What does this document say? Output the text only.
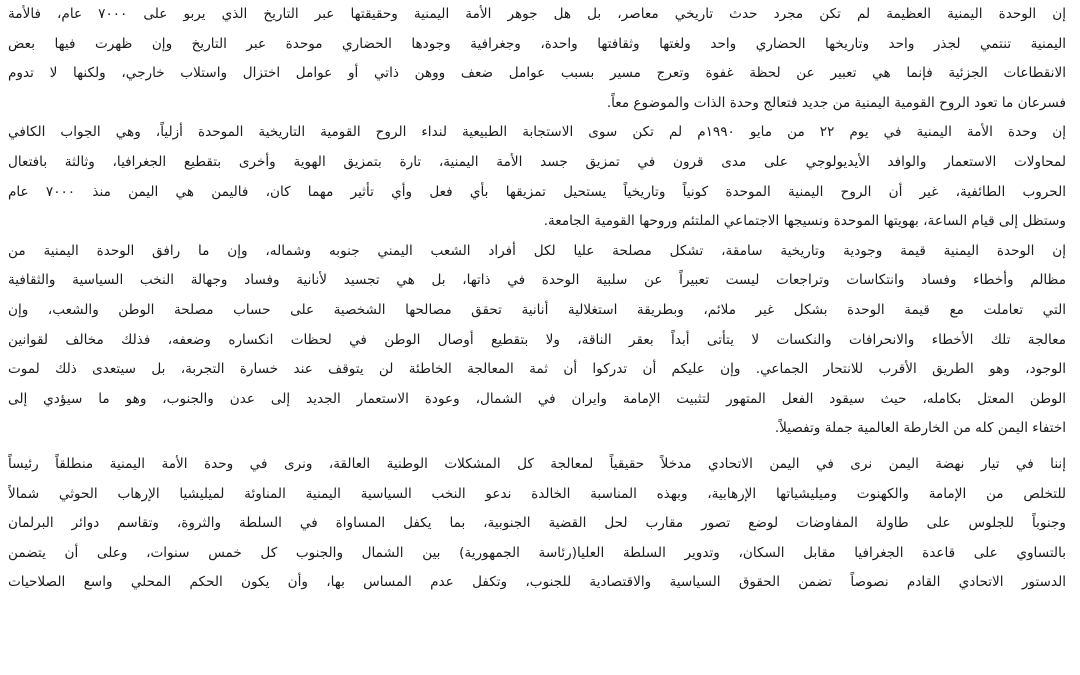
إن الوحدة اليمنية العظيمة لم تكن مجرد حدث تاريخي معاصر، بل هل جوهر الأمة اليمنية وحقيقتها عبر التاريخ الذي يربو على ٧٠٠٠ عام، فالأمة
اليمنية تنتمي لجذر واحد وتاريخها الحضاري واحد ولغتها وثقافتها واحدة، وجغرافية وجودها الحضاري موحدة عبر التاريخ وإن ظهرت فيها بعض
الانقطاعات الجزئية فإنما هي تعبير عن لحظة غفوة وتعرج مسير بسبب عوامل ضعف ووهن ذاتي أو عوامل اختزال واستلاب خارجي، ولكنها لا تدوم
فسرعان ما تعود الروح القومية اليمنية من جديد فتعالج وحدة الذات والموضوع معاً.
إن وحدة الأمة اليمنية في يوم ٢٢ من مايو ١٩٩٠م لم تكن سوى الاستجابة الطبيعية لنداء الروح القومية التاريخية الموحدة أزلياً، وهي الجواب الكافي
لمحاولات الاستعمار والوافد الأيديولوجي على مدى قرون في تمزيق جسد الأمة اليمنية، تارة بتمزيق الهوية وأخرى بتقطيع الجغرافيا، وثالثة بافتعال
الحروب الطائفية، غير أن الروح اليمنية الموحدة كونياً وتاريخياً يستحيل تمزيقها بأي فعل وأي تأثير مهما كان، فاليمن هي اليمن منذ ٧٠٠٠ عام
وستظل إلى قيام الساعة، بهويتها الموحدة ونسيجها الاجتماعي الملتئم وروحها القومية الجامعة.
إن الوحدة اليمنية قيمة وجودية وتاريخية سامقة، تشكل مصلحة عليا لكل أفراد الشعب اليمني جنوبه وشماله، وإن ما رافق الوحدة اليمنية من
مظالم وأخطاء وفساد وانتكاسات وتراجعات ليست تعبيراً عن سلبية الوحدة في ذاتها، بل هي تجسيد لأنانية وفساد وجهالة النخب السياسية والثقافية
التي تعاملت مع قيمة الوحدة بشكل غير ملائم، وبطريقة استغلالية أنانية تحقق مصالحها الشخصية على حساب مصلحة الوطن والشعب، وإن
معالجة تلك الأخطاء والانحرافات والنكسات لا يتأتى أبداً بعقر الناقة، ولا بتقطيع أوصال الوطن في لحظات انكساره وضعفه، فذلك مخالف لقوانين
الوجود، وهو الطريق الأقرب للانتحار الجماعي. وإن عليكم أن تدركوا أن ثمة المعالجة الخاطئة لن يتوقف عند خسارة التجربة، بل سيتعدى ذلك لموت
الوطن المعتل بكامله، حيث سيقود الفعل المتهور لتثبيت الإمامة وايران في الشمال، وعودة الاستعمار الجديد إلى عدن والجنوب، وهو ما سيؤدي إلى
اختفاء اليمن كله من الخارطة العالمية جملة وتفصيلاً.
إننا في تيار نهضة اليمن نرى في اليمن الاتحادي مدخلاً حقيقياً لمعالجة كل المشكلات الوطنية العالقة، ونرى في وحدة الأمة اليمنية منطلقاً رئيساً
للتخلص من الإمامة والكهنوت وميليشياتها الإرهابية، وبهذه المناسبة الخالدة ندعو النخب السياسية اليمنية المناوئة لميليشيا الإرهاب الحوثي شمالاً
وجنوباً للجلوس على طاولة المفاوضات لوضع تصور مقارب لحل القضية الجنوبية، بما يكفل المساواة في السلطة والثروة، وتقاسم دوائر البرلمان
بالتساوي على قاعدة الجغرافيا مقابل السكان، وتدوير السلطة العليا(رئاسة الجمهورية) بين الشمال والجنوب كل خمس سنوات، وعلى أن يتضمن
الدستور الاتحادي القادم نصوصاً تضمن الحقوق السياسية والاقتصادية للجنوب، وتكفل عدم المساس بها، وأن يكون الحكم المحلي واسع الصلاحيات
